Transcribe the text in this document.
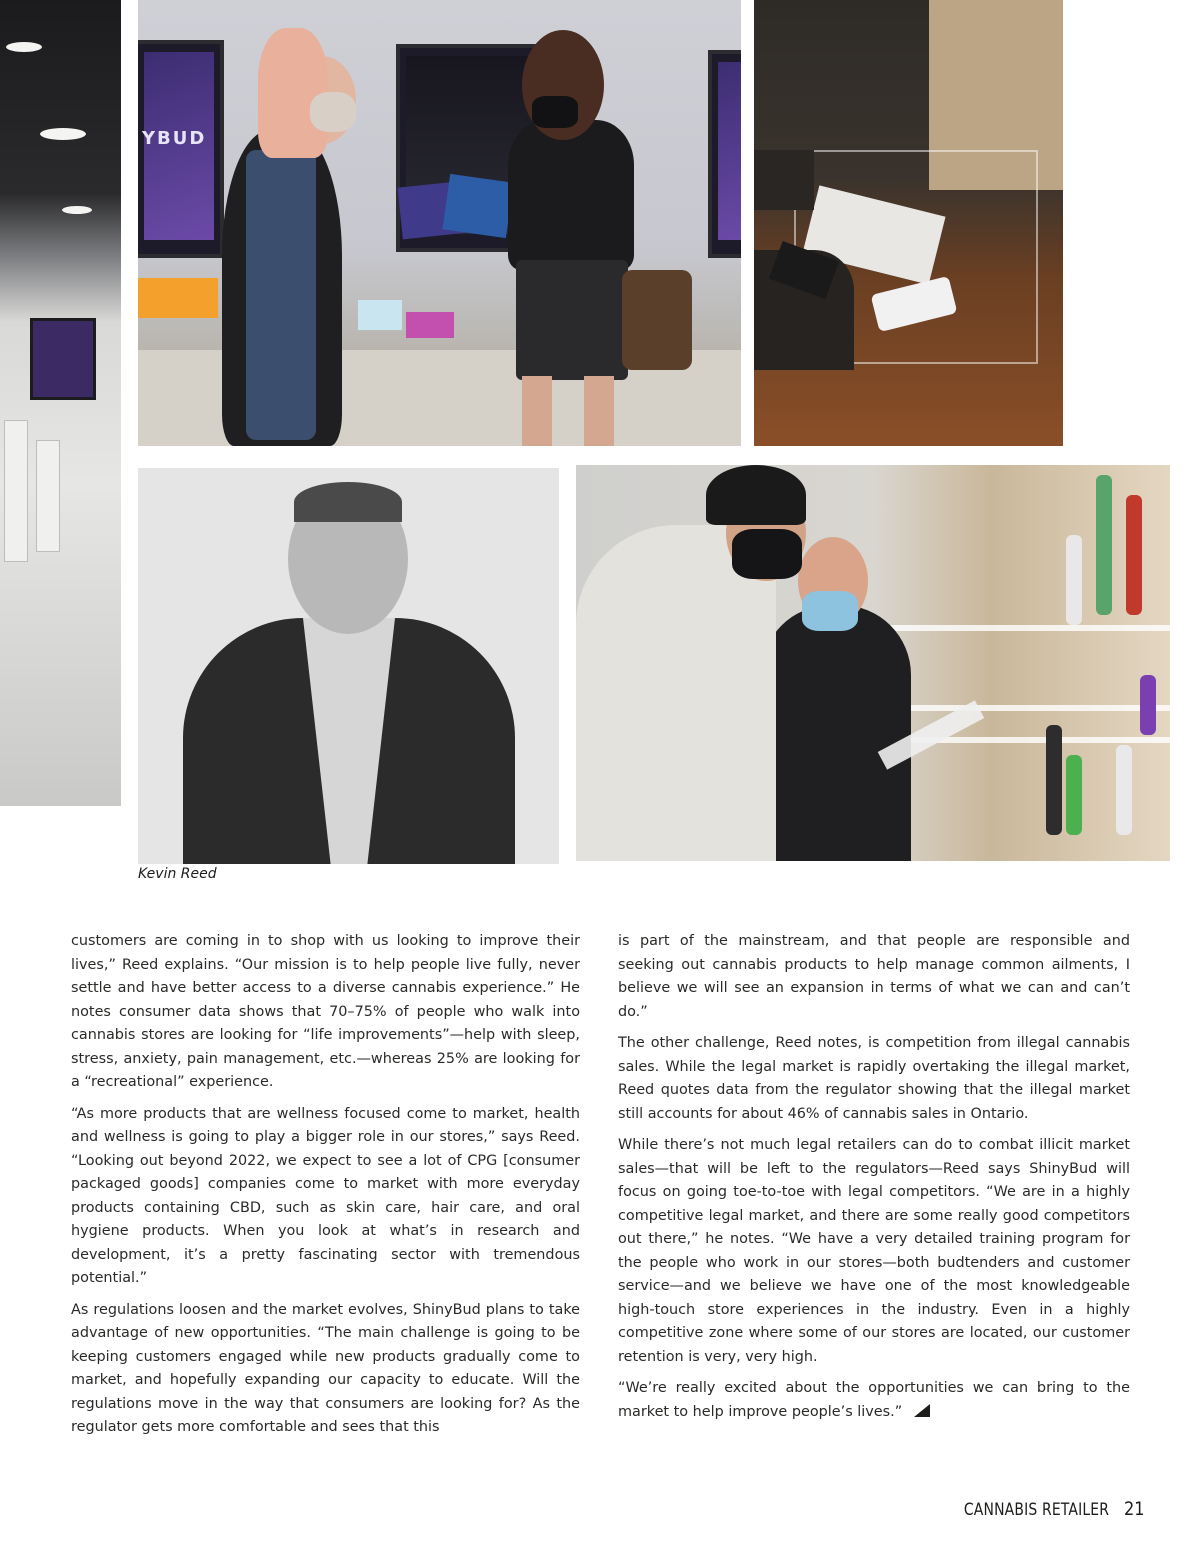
YBUD
Kevin Reed

customers are coming in to shop with us looking to improve their lives,” Reed explains. “Our mission is to help people live fully, never settle and have better access to a diverse cannabis experience.” He notes consumer data shows that 70–75% of people who walk into cannabis stores are looking for “life improvements”—help with sleep, stress, anxiety, pain management, etc.—whereas 25% are looking for a “recreational” experience.

“As more products that are wellness focused come to market, health and wellness is going to play a bigger role in our stores,” says Reed. “Looking out beyond 2022, we expect to see a lot of CPG [consumer packaged goods] companies come to market with more everyday products containing CBD, such as skin care, hair care, and oral hygiene products. When you look at what’s in research and development, it’s a pretty fascinating sector with tremendous potential.”

As regulations loosen and the market evolves, ShinyBud plans to take advantage of new opportunities. “The main challenge is going to be keeping customers engaged while new products gradually come to market, and hopefully expanding our capacity to educate. Will the regulations move in the way that consumers are looking for? As the regulator gets more comfortable and sees that this

is part of the mainstream, and that people are responsible and seeking out cannabis products to help manage common ailments, I believe we will see an expansion in terms of what we can and can’t do.”

The other challenge, Reed notes, is competition from illegal cannabis sales. While the legal market is rapidly overtaking the illegal market, Reed quotes data from the regulator showing that the illegal market still accounts for about 46% of cannabis sales in Ontario.

While there’s not much legal retailers can do to combat illicit market sales—that will be left to the regulators—Reed says ShinyBud will focus on going toe-to-toe with legal competitors. “We are in a highly competitive legal market, and there are some really good competitors out there,” he notes. “We have a very detailed training program for the people who work in our stores—both budtenders and customer service—and we believe we have one of the most knowledgeable high-touch store experiences in the industry. Even in a highly competitive zone where some of our stores are located, our customer retention is very, very high.

“We’re really excited about the opportunities we can bring to the market to help improve people’s lives.”

CANNABIS RETAILER 21
